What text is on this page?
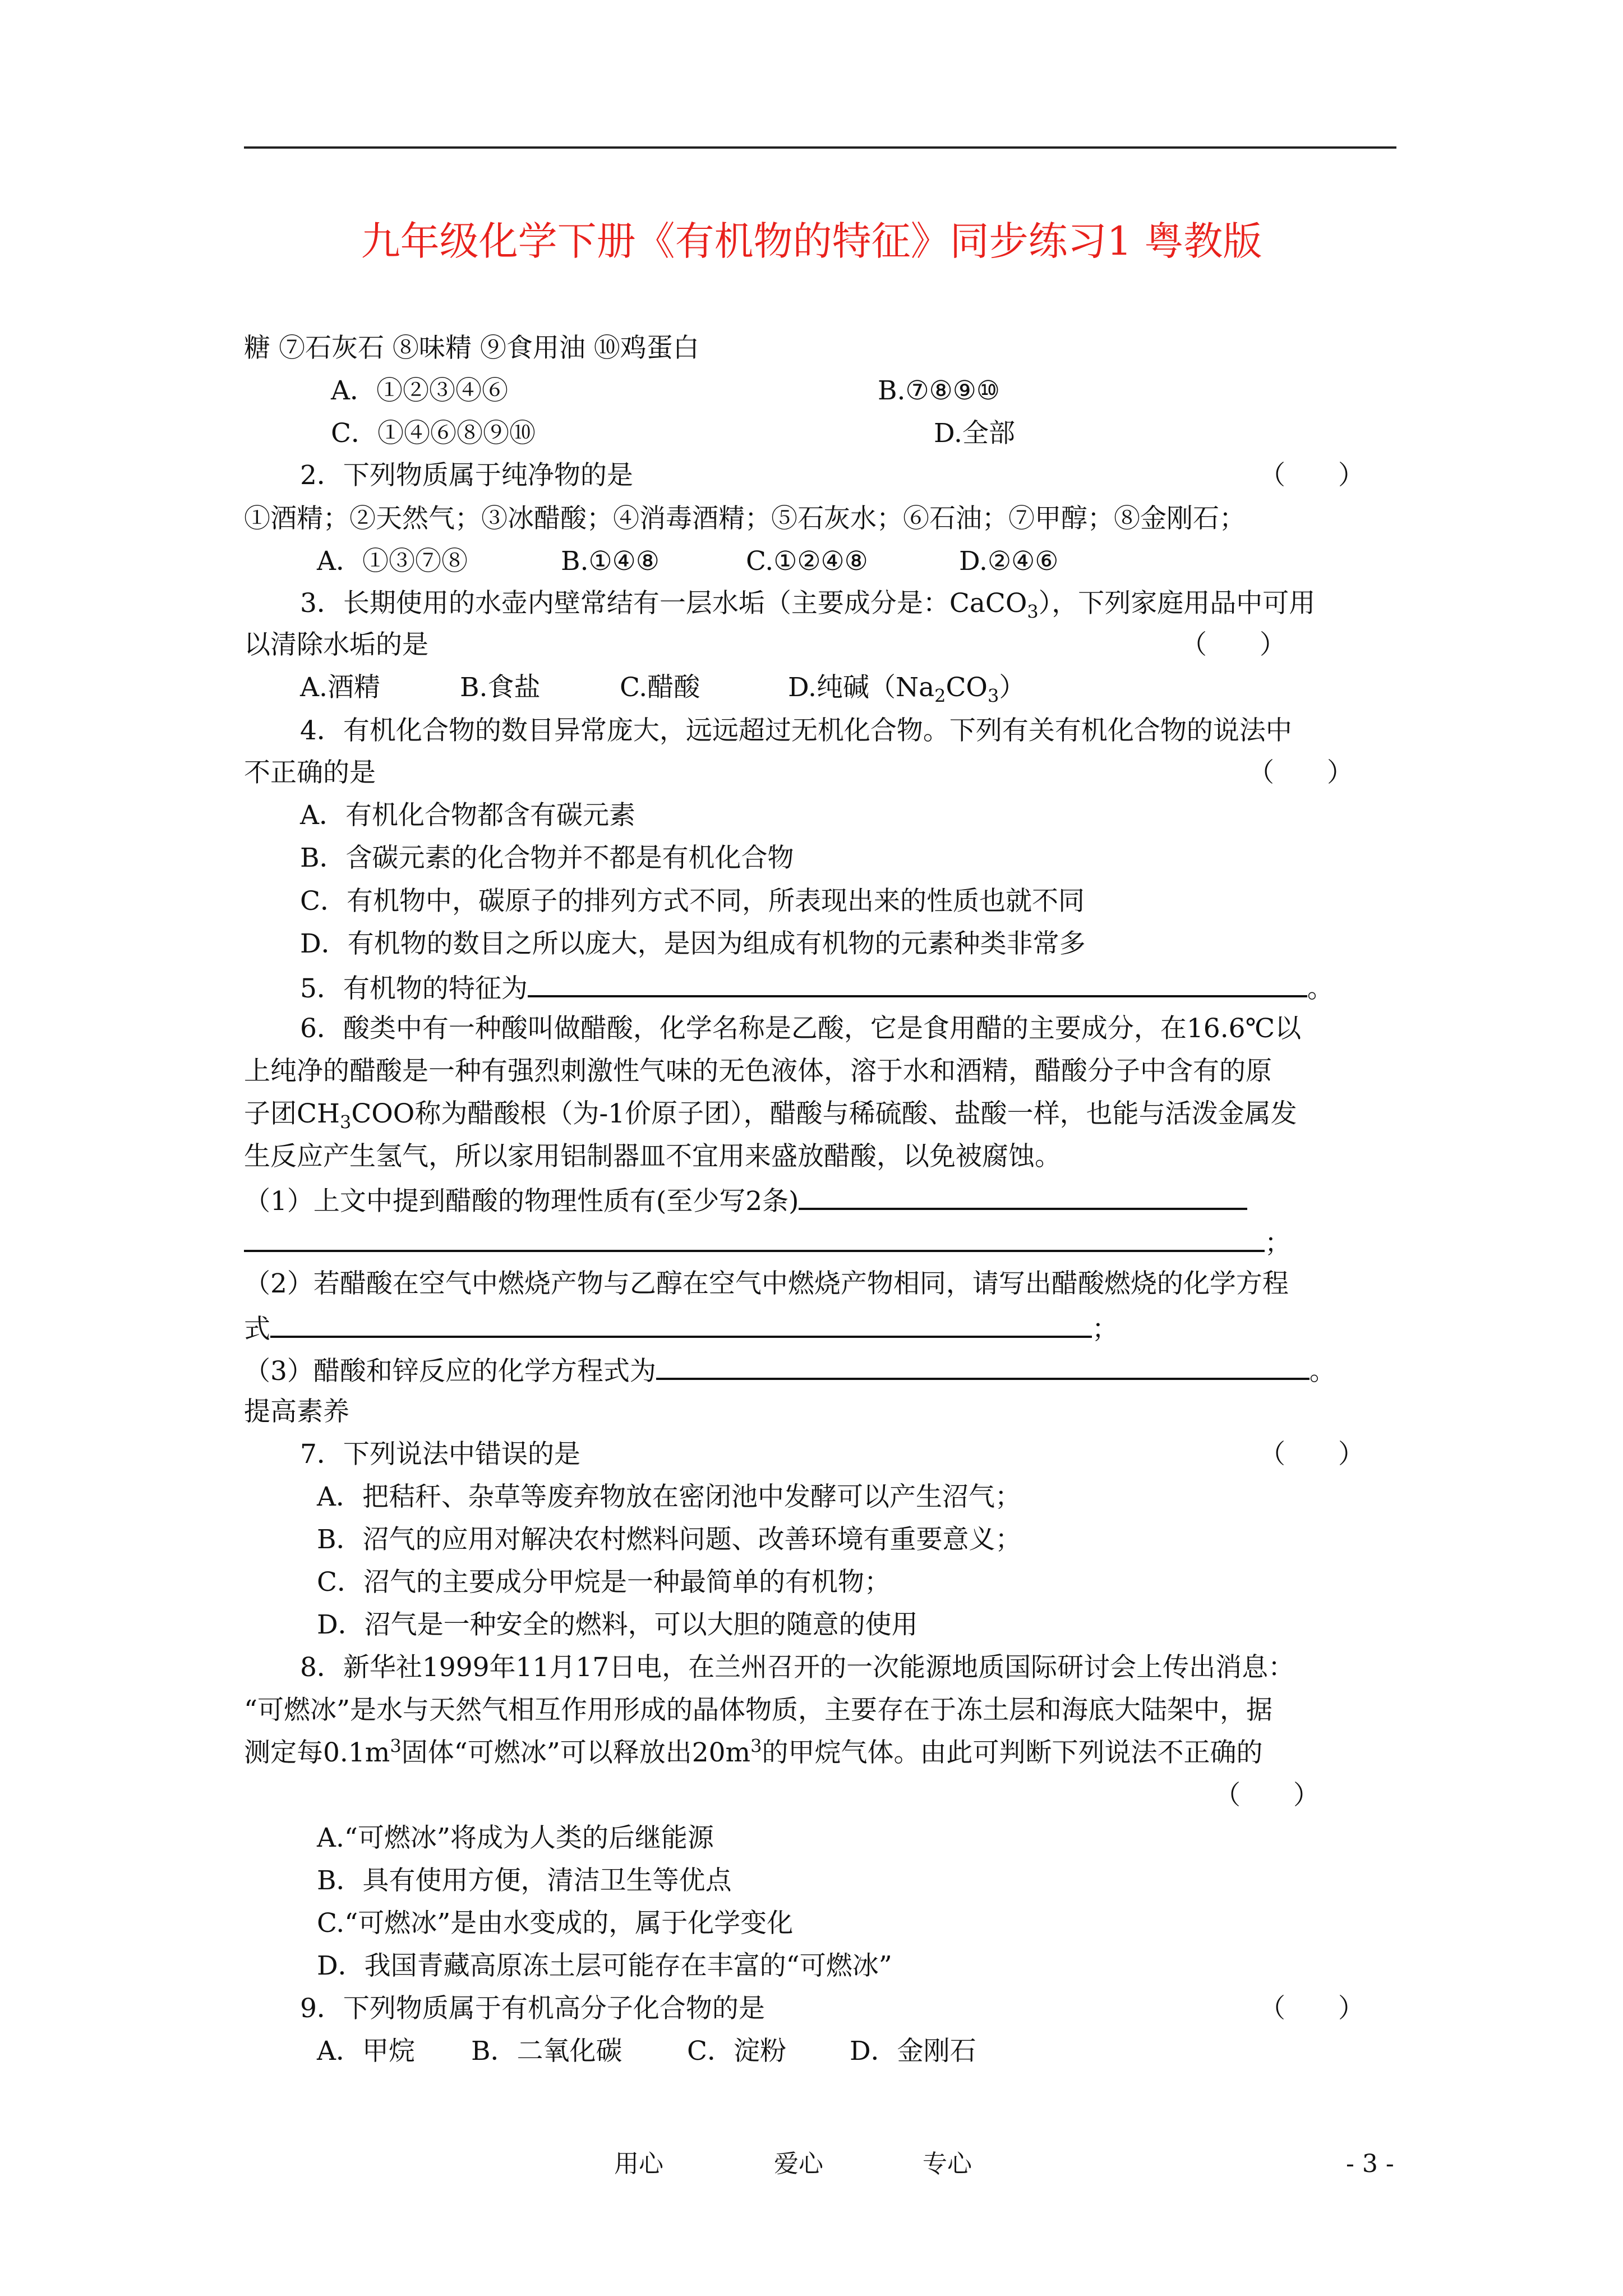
九年级化学下册《有机物的特征》同步练习1 粤教版
糖 ⑦石灰石 ⑧味精 ⑨食用油 ⑩鸡蛋白
A．①②③④⑥	B.⑦⑧⑨⑩
C．①④⑥⑧⑨⑩	D.全部
2．下列物质属于纯净物的是	（　　）
①酒精；②天然气；③冰醋酸；④消毒酒精；⑤石灰水；⑥石油；⑦甲醇；⑧金刚石；
A．①③⑦⑧	B.①④⑧	C.①②④⑧	D.②④⑥
3．长期使用的水壶内壁常结有一层水垢（主要成分是：CaCO$_3$），下列家庭用品中可用
以清除水垢的是	（　　）
A.酒精	B.食盐	C.醋酸	D.纯碱$(Na_2CO_3)$
4．有机化合物的数目异常庞大，远远超过无机化合物。下列有关有机化合物的说法中
不正确的是	（　　）
A．有机化合物都含有碳元素
B．含碳元素的化合物并不都是有机化合物
C．有机物中，碳原子的排列方式不同，所表现出来的性质也就不同
D．有机物的数目之所以庞大，是因为组成有机物的元素种类非常多
5．有机物的特征为	。
6．酸类中有一种酸叫做醋酸，化学名称是乙酸，它是食用醋的主要成分，在16.6℃以
上纯净的醋酸是一种有强烈刺激性气味的无色液体，溶于水和酒精，醋酸分子中含有的原
子团$CH_3COO$称为醋酸根（为-1价原子团），醋酸与稀硫酸、盐酸一样，也能与活泼金属发
生反应产生氢气，所以家用铝制器皿不宜用来盛放醋酸，以免被腐蚀。
（1）上文中提到醋酸的物理性质有(至少写2条)
；
（2）若醋酸在空气中燃烧产物与乙醇在空气中燃烧产物相同，请写出醋酸燃烧的化学方程
式	；
（3）醋酸和锌反应的化学方程式为	。
提高素养
7．下列说法中错误的是	（　　）
A．把秸秆、杂草等废弃物放在密闭池中发酵可以产生沼气；
B．沼气的应用对解决农村燃料问题、改善环境有重要意义；
C．沼气的主要成分甲烷是一种最简单的有机物；
D．沼气是一种安全的燃料，可以大胆的随意的使用
8．新华社1999年11月17日电，在兰州召开的一次能源地质国际研讨会上传出消息：
“可燃冰”是水与天然气相互作用形成的晶体物质，主要存在于冻土层和海底大陆架中，据
测定每$0.1m^3$固体“可燃冰”可以释放出$20m^3$的甲烷气体。由此可判断下列说法不正确的
（　　）
A.“可燃冰”将成为人类的后继能源
B．具有使用方便，清洁卫生等优点
C.“可燃冰”是由水变成的，属于化学变化
D．我国青藏高原冻土层可能存在丰富的“可燃冰”
9．下列物质属于有机高分子化合物的是	（　　）
A．甲烷 B．二氧化碳 C．淀粉 D．金刚石
用心	爱心	专心	- 3 -
